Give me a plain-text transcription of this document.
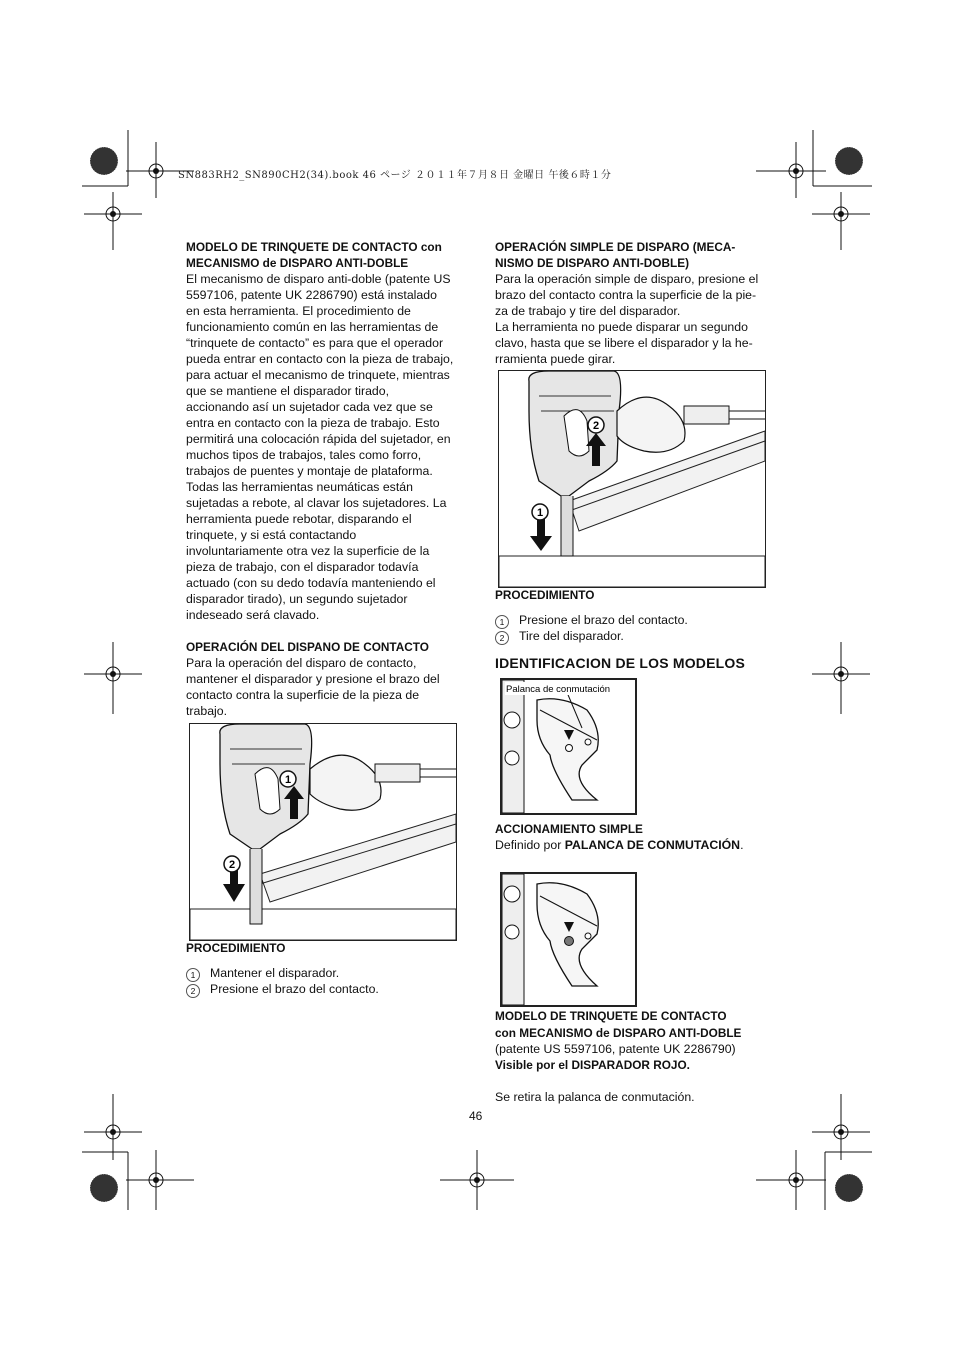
SN883RH2_SN890CH2(34).book 46 ページ ２０１１年７月８日 金曜日 午後６時１分

MODELO DE TRINQUETE DE CONTACTO con

MECANISMO de DISPARO ANTI-DOBLE

El mecanismo de disparo anti-doble (patente US

5597106, patente UK 2286790) está instalado

en esta herramienta. El procedimiento de

funcionamiento común en las herramientas de

“trinquete de contacto” es para que el operador

pueda entrar en contacto con la pieza de trabajo,

para actuar el mecanismo de trinquete, mientras

que se mantiene el disparador tirado,

accionando así un sujetador cada vez que se

entra en contacto con la pieza de trabajo. Esto

permitirá una colocación rápida del sujetador, en

muchos tipos de trabajos, tales como forro,

trabajos de puentes y montaje de plataforma.

Todas las herramientas neumáticas están

sujetadas a rebote, al clavar los sujetadores. La

herramienta puede rebotar, disparando el

trinquete, y si está contactando

involuntariamente otra vez la superficie de la

pieza de trabajo, con el disparador todavía

actuado (con su dedo todavía manteniendo el

disparador tirado), un segundo sujetador

indeseado será clavado.

OPERACIÓN DEL DISPANO DE CONTACTO

Para la operación del disparo de contacto,

mantener el disparador y presione el brazo del

contacto contra la superficie de la pieza de

trabajo.

1
2
PROCEDIMIENTO

1	Mantener el disparador.

2	Presione el brazo del contacto.

OPERACIÓN SIMPLE DE DISPARO (MECA-

NISMO DE DISPARO ANTI-DOBLE)

Para la operación simple de disparo, presione el

brazo del contacto contra la superficie de la pie-

za de trabajo y tire del disparador.

La herramienta no puede disparar un segundo

clavo, hasta que se libere el disparador y la he-

rramienta puede girar.

2
1
PROCEDIMIENTO

1	Presione el brazo del contacto.

2	Tire del disparador.

IDENTIFICACION DE LOS MODELOS
Palanca de conmutación

ACCIONAMIENTO SIMPLE

Definido por PALANCA DE CONMUTACIÓN.

MODELO DE TRINQUETE DE CONTACTO

con MECANISMO de DISPARO ANTI-DOBLE

(patente US 5597106, patente UK 2286790)

Visible por el DISPARADOR ROJO.

Se retira la palanca de conmutación.

46
